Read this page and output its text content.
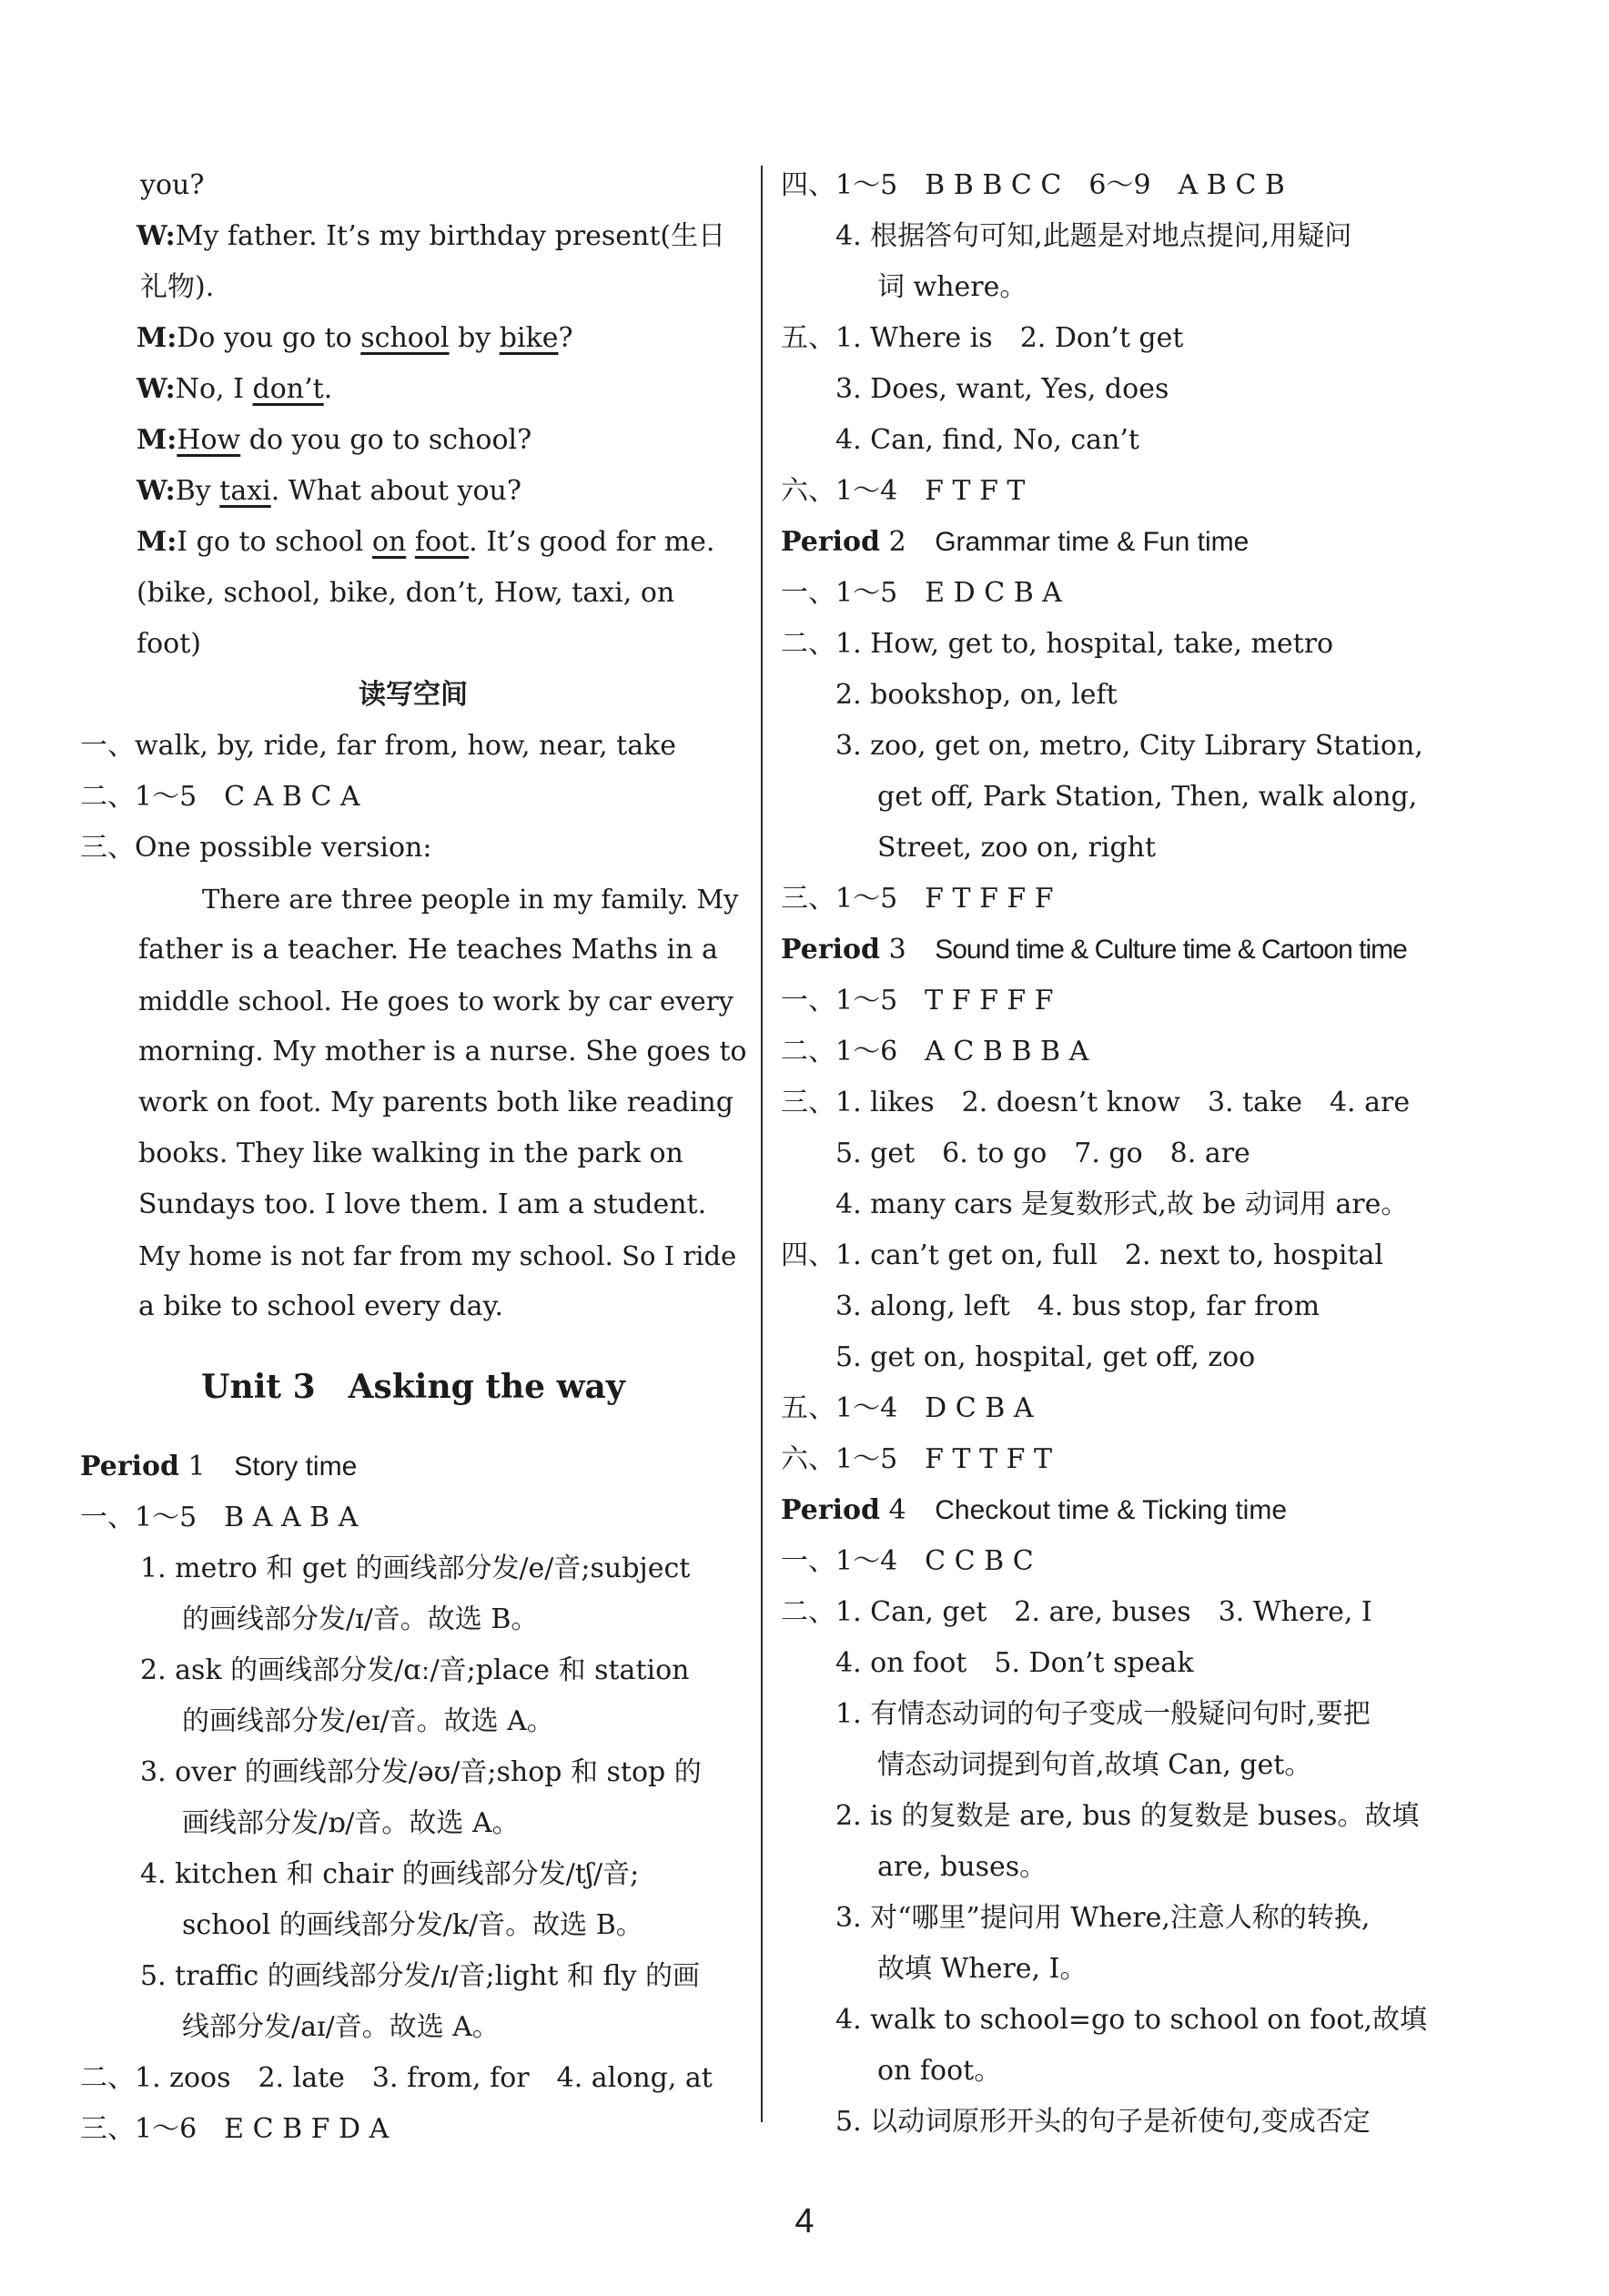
you?
W:My father. It’s my birthday present(生日
礼物).
M:Do you go to school by bike?
W:No, I don’t.
M:How do you go to school?
W:By taxi. What about you?
M:I go to school on foot. It’s good for me.
(bike, school, bike, don’t, How, taxi, on
foot)
读写空间
一、walk, by, ride, far from, how, near, take
二、1～5　C A B C A
三、One possible version:
There are three people in my family. My
father is a teacher. He teaches Maths in a
middle school. He goes to work by car every
morning. My mother is a nurse. She goes to
work on foot. My parents both like reading
books. They like walking in the park on
Sundays too. I love them. I am a student.
My home is not far from my school. So I ride
a bike to school every day.
Unit 3　Asking the way
Period 1 Story time
一、1～5　B A A B A
1. metro 和 get 的画线部分发/e/音;subject
的画线部分发/ɪ/音。故选 B。
2. ask 的画线部分发/ɑː/音;place 和 station
的画线部分发/eɪ/音。故选 A。
3. over 的画线部分发/əʊ/音;shop 和 stop 的
画线部分发/ɒ/音。故选 A。
4. kitchen 和 chair 的画线部分发/tʃ/音;
school 的画线部分发/k/音。故选 B。
5. traffic 的画线部分发/ɪ/音;light 和 fly 的画
线部分发/aɪ/音。故选 A。
二、1. zoos　2. late　3. from, for　4. along, at
三、1～6　E C B F D A
四、1～5　B B B C C　6～9　A B C B
4. 根据答句可知,此题是对地点提问,用疑问
词 where。
五、1. Where is　2. Don’t get
3. Does, want, Yes, does
4. Can, find, No, can’t
六、1～4　F T F T
Period 2 Grammar time & Fun time
一、1～5　E D C B A
二、1. How, get to, hospital, take, metro
2. bookshop, on, left
3. zoo, get on, metro, City Library Station,
get off, Park Station, Then, walk along,
Street, zoo on, right
三、1～5　F T F F F
Period 3 Sound time & Culture time & Cartoon time
一、1～5　T F F F F
二、1～6　A C B B B A
三、1. likes　2. doesn’t know　3. take　4. are
5. get　6. to go　7. go　8. are
4. many cars 是复数形式,故 be 动词用 are。
四、1. can’t get on, full　2. next to, hospital
3. along, left　4. bus stop, far from
5. get on, hospital, get off, zoo
五、1～4　D C B A
六、1～5　F T T F T
Period 4 Checkout time & Ticking time
一、1～4　C C B C
二、1. Can, get　2. are, buses　3. Where, I
4. on foot　5. Don’t speak
1. 有情态动词的句子变成一般疑问句时,要把
情态动词提到句首,故填 Can, get。
2. is 的复数是 are, bus 的复数是 buses。故填
are, buses。
3. 对“哪里”提问用 Where,注意人称的转换,
故填 Where, I。
4. walk to school=go to school on foot,故填
on foot。
5. 以动词原形开头的句子是祈使句,变成否定
4
